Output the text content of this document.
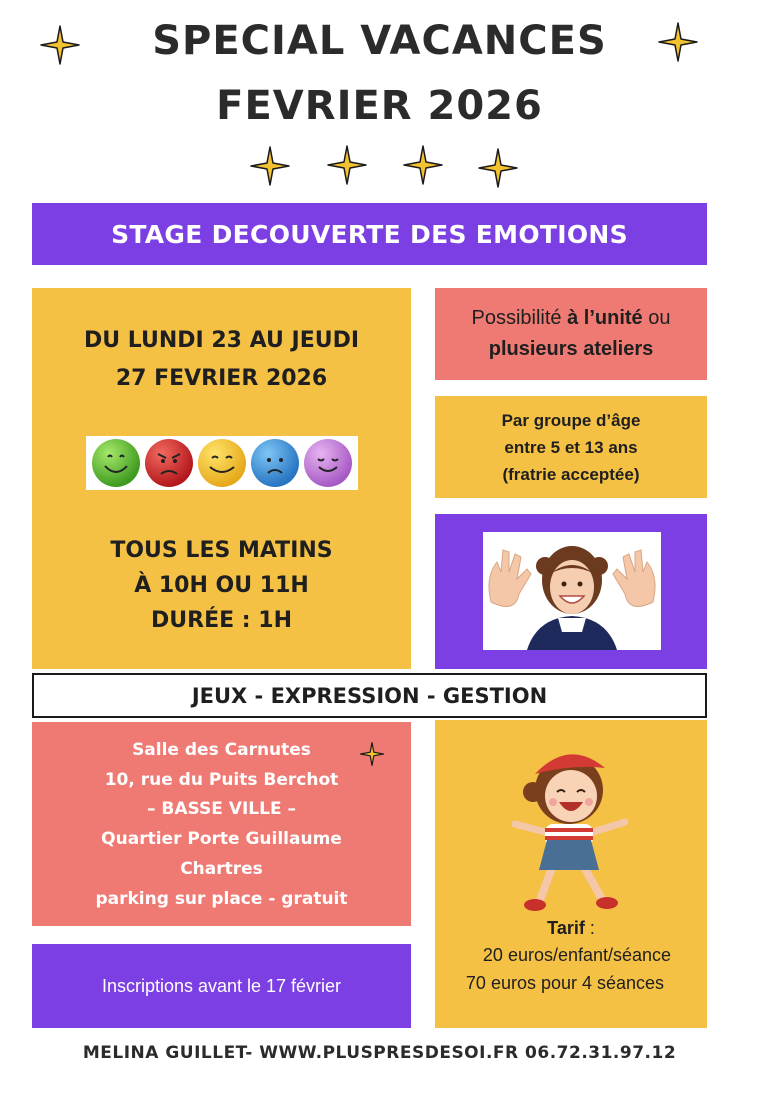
SPECIAL VACANCES
FEVRIER 2026
STAGE DECOUVERTE DES EMOTIONS
DU LUNDI 23 AU JEUDI
27 FEVRIER 2026
TOUS LES MATINS
À 10H OU 11H
DURÉE : 1H

Possibilité à l’unité ou
plusieurs ateliers

Par groupe d’âge
entre 5 et 13 ans
(fratrie acceptée)
JEUX - EXPRESSION - GESTION
Salle des Carnutes
10, rue du Puits Berchot
– BASSE VILLE –
Quartier Porte Guillaume
Chartres
parking sur place - gratuit
Inscriptions avant le 17 février
Tarif :
20 euros/enfant/séance
70 euros pour 4 séances
MELINA GUILLET- WWW.PLUSPRESDESOI.FR 06.72.31.97.12
